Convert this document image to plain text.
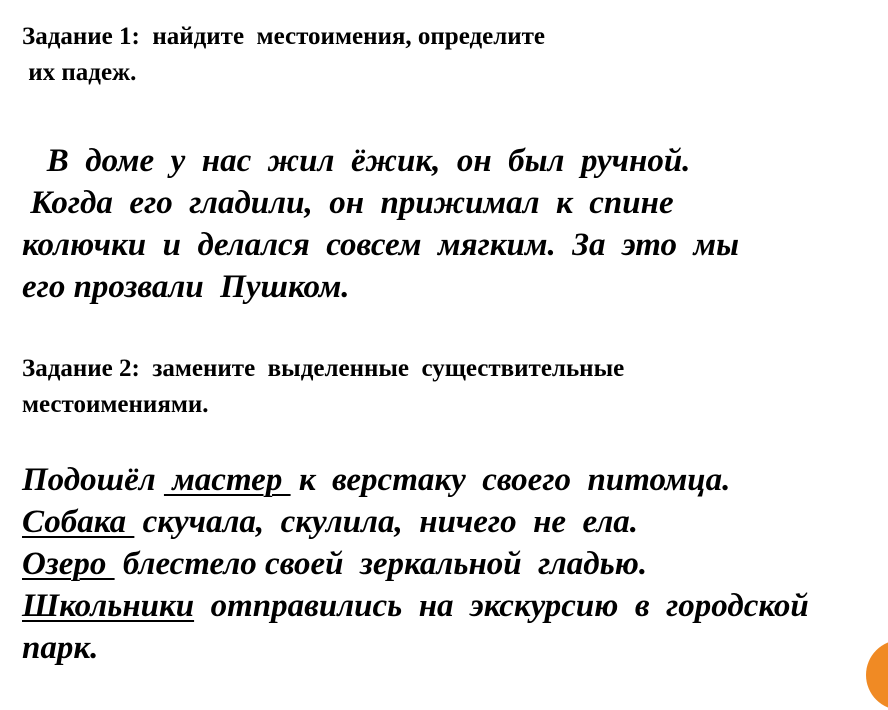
Задание 1:  найдите  местоимения, определите
их падеж.
В  доме  у  нас  жил  ёжик,  он  был  ручной.
Когда  его  гладили,  он  прижимал  к  спине
колючки  и  делался  совсем  мягким.  За  это  мы
его прозвали  Пушком.
Задание 2:  замените  выделенные  существительные
местоимениями.
Подошёл  мастер  к  верстаку  своего  питомца.
Собака  скучала,  скулила,  ничего  не  ела.
Озеро  блестело своей  зеркальной  гладью.
Школьники  отправились  на  экскурсию  в  городской
парк.
